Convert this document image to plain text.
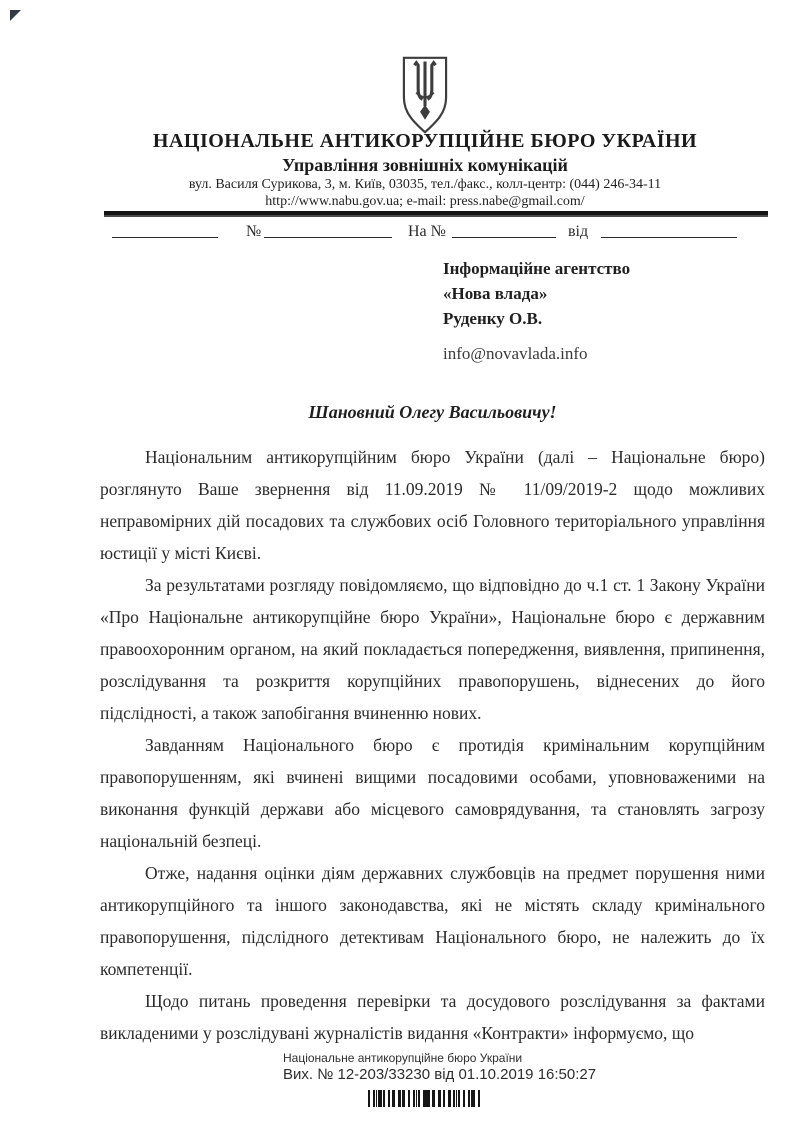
НАЦІОНАЛЬНЕ АНТИКОРУПЦІЙНЕ БЮРО УКРАЇНИ
Управління зовнішніх комунікацій
вул. Василя Сурикова, 3, м. Київ, 03035, тел./факс., колл-центр: (044) 246-34-11
http://www.nabu.gov.ua; e-mail: press.nabe@gmail.com/
№	На №	від
Інформаційне агентство
«Нова влада»
Руденку О.В.
info@novavlada.info
Шановний Олегу Васильовичу!

Національним антикорупційним бюро України (далі – Національне бюро) розглянуто Ваше звернення від 11.09.2019 № 11/09/2019-2 щодо можливих неправомірних дій посадових та службових осіб Головного територіального управління юстиції у місті Києві.

За результатами розгляду повідомляємо, що відповідно до ч.1 ст. 1 Закону України «Про Національне антикорупційне бюро України», Національне бюро є державним правоохоронним органом, на який покладається попередження, виявлення, припинення, розслідування та розкриття корупційних правопорушень, віднесених до його підслідності, а також запобігання вчиненню нових.

Завданням Національного бюро є протидія кримінальним корупційним правопорушенням, які вчинені вищими посадовими особами, уповноваженими на виконання функцій держави або місцевого самоврядування, та становлять загрозу національній безпеці.

Отже, надання оцінки діям державних службовців на предмет порушення ними антикорупційного та іншого законодавства, які не містять складу кримінального правопорушення, підслідного детективам Національного бюро, не належить до їх компетенції.

Щодо питань проведення перевірки та досудового розслідування за фактами викладеними у розслідувані журналістів видання «Контракти» інформуємо, що

Національне антикорупційне бюро України
Вих. № 12-203/33230 від 01.10.2019 16:50:27
